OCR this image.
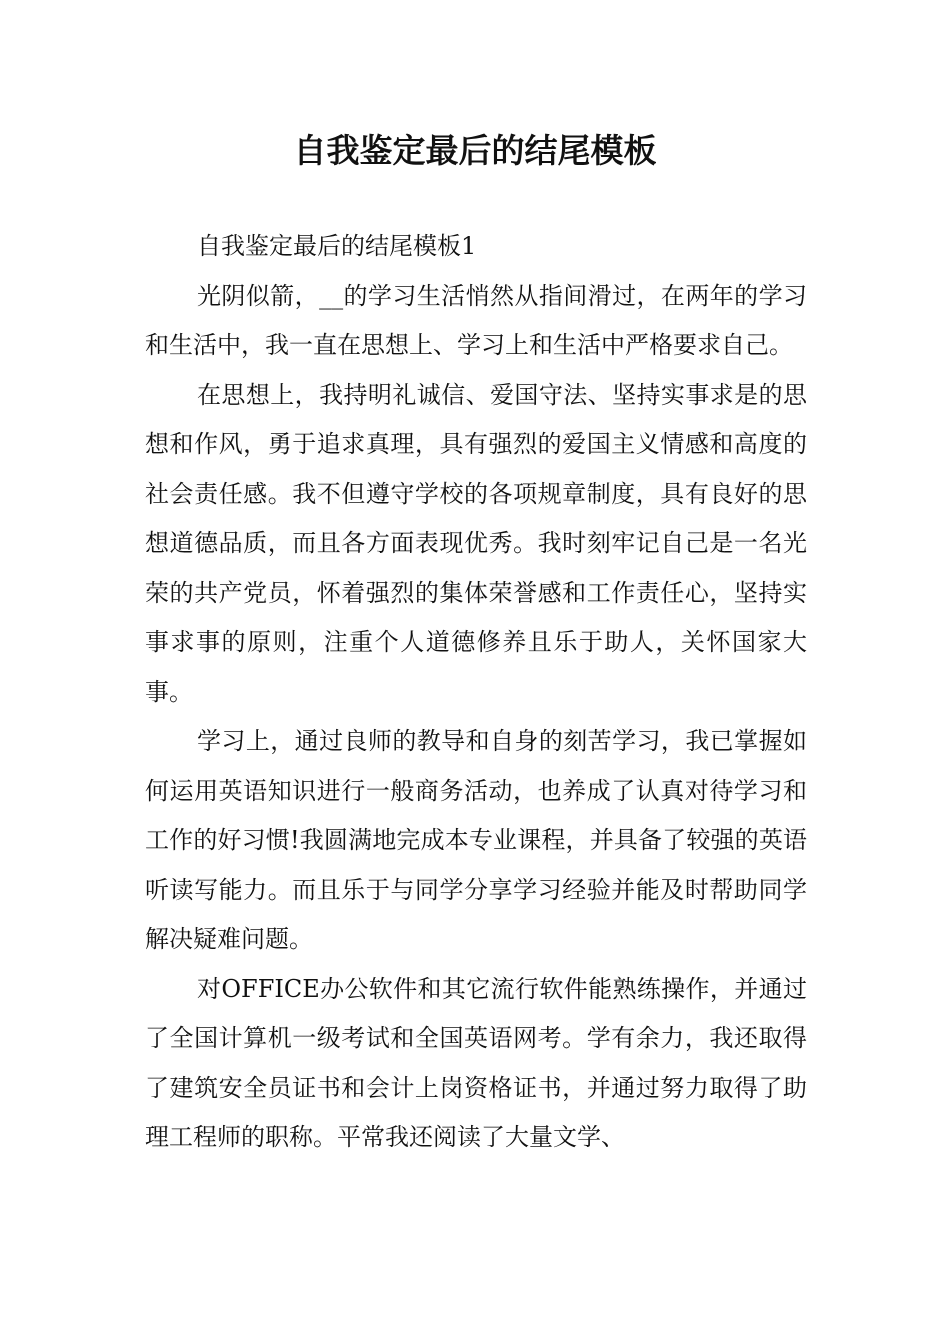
自我鉴定最后的结尾模板

自我鉴定最后的结尾模板1

光阴似箭，__的学习生活悄然从指间滑过，在两年的学习和生活中，我一直在思想上、学习上和生活中严格要求自己。

在思想上，我持明礼诚信、爱国守法、坚持实事求是的思想和作风，勇于追求真理，具有强烈的爱国主义情感和高度的社会责任感。我不但遵守学校的各项规章制度，具有良好的思想道德品质，而且各方面表现优秀。我时刻牢记自己是一名光荣的共产党员，怀着强烈的集体荣誉感和工作责任心，坚持实事求事的原则，注重个人道德修养且乐于助人，关怀国家大事。

学习上，通过良师的教导和自身的刻苦学习，我已掌握如何运用英语知识进行一般商务活动，也养成了认真对待学习和工作的好习惯!我圆满地完成本专业课程，并具备了较强的英语听读写能力。而且乐于与同学分享学习经验并能及时帮助同学解决疑难问题。

对OFFICE办公软件和其它流行软件能熟练操作，并通过了全国计算机一级考试和全国英语网考。学有余力，我还取得了建筑安全员证书和会计上岗资格证书，并通过努力取得了助理工程师的职称。平常我还阅读了大量文学、
